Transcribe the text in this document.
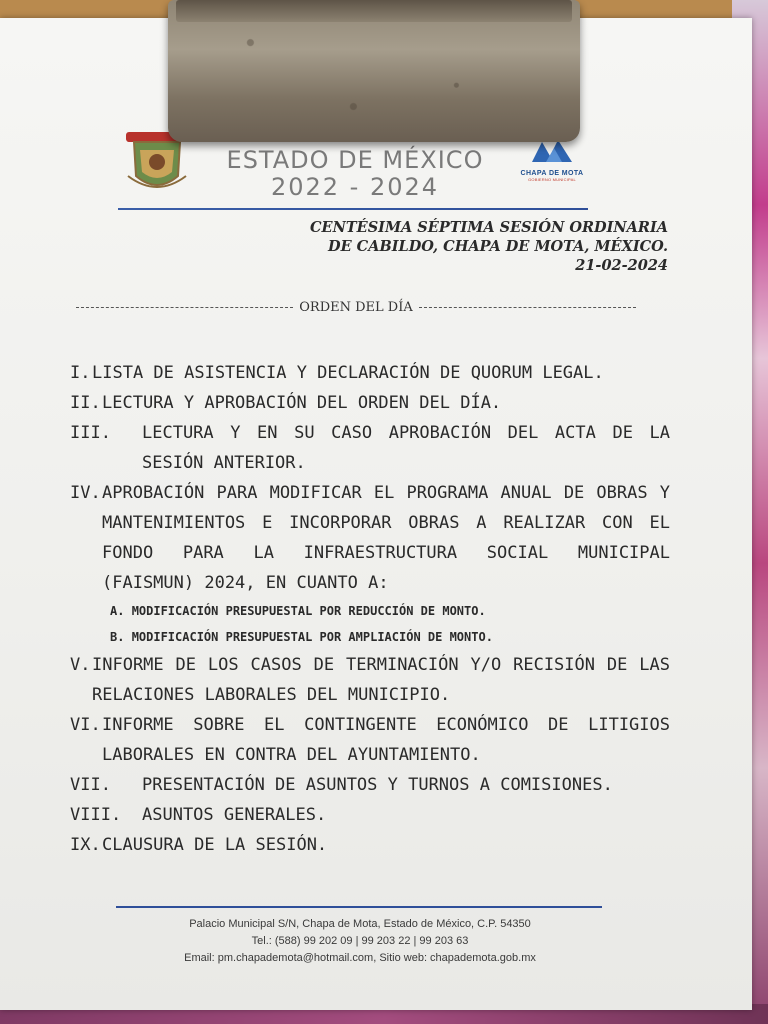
ESTADO DE MÉXICO
2022 - 2024	CHAPA DE MOTA
GOBIERNO MUNICIPAL
CENTÉSIMA SÉPTIMA SESIÓN ORDINARIA
DE CABILDO, CHAPA DE MOTA, MÉXICO.
21-02-2024
ORDEN DEL DÍA
I. LISTA DE ASISTENCIA Y DECLARACIÓN DE QUORUM LEGAL.
II. LECTURA Y APROBACIÓN DEL ORDEN DEL DÍA.
III.	LECTURA Y EN SU CASO APROBACIÓN DEL ACTA DE LA SESIÓN ANTERIOR.
IV. APROBACIÓN PARA MODIFICAR EL PROGRAMA ANUAL DE OBRAS Y MANTENIMIENTOS E INCORPORAR OBRAS A REALIZAR CON EL FONDO PARA LA INFRAESTRUCTURA SOCIAL MUNICIPAL (FAISMUN) 2024, EN CUANTO A:
A. MODIFICACIÓN PRESUPUESTAL POR REDUCCIÓN DE MONTO.
B. MODIFICACIÓN PRESUPUESTAL POR AMPLIACIÓN DE MONTO.
V. INFORME DE LOS CASOS DE TERMINACIÓN Y/O RECISIÓN DE LAS RELACIONES LABORALES DEL MUNICIPIO.
VI. INFORME SOBRE EL CONTINGENTE ECONÓMICO DE LITIGIOS LABORALES EN CONTRA DEL AYUNTAMIENTO.
VII.	PRESENTACIÓN DE ASUNTOS Y TURNOS A COMISIONES.
VIII.	ASUNTOS GENERALES.
IX. CLAUSURA DE LA SESIÓN.
Palacio Municipal S/N, Chapa de Mota, Estado de México, C.P. 54350
Tel.: (588) 99 202 09 | 99 203 22 | 99 203 63
Email: pm.chapademota@hotmail.com, Sitio web: chapademota.gob.mx
